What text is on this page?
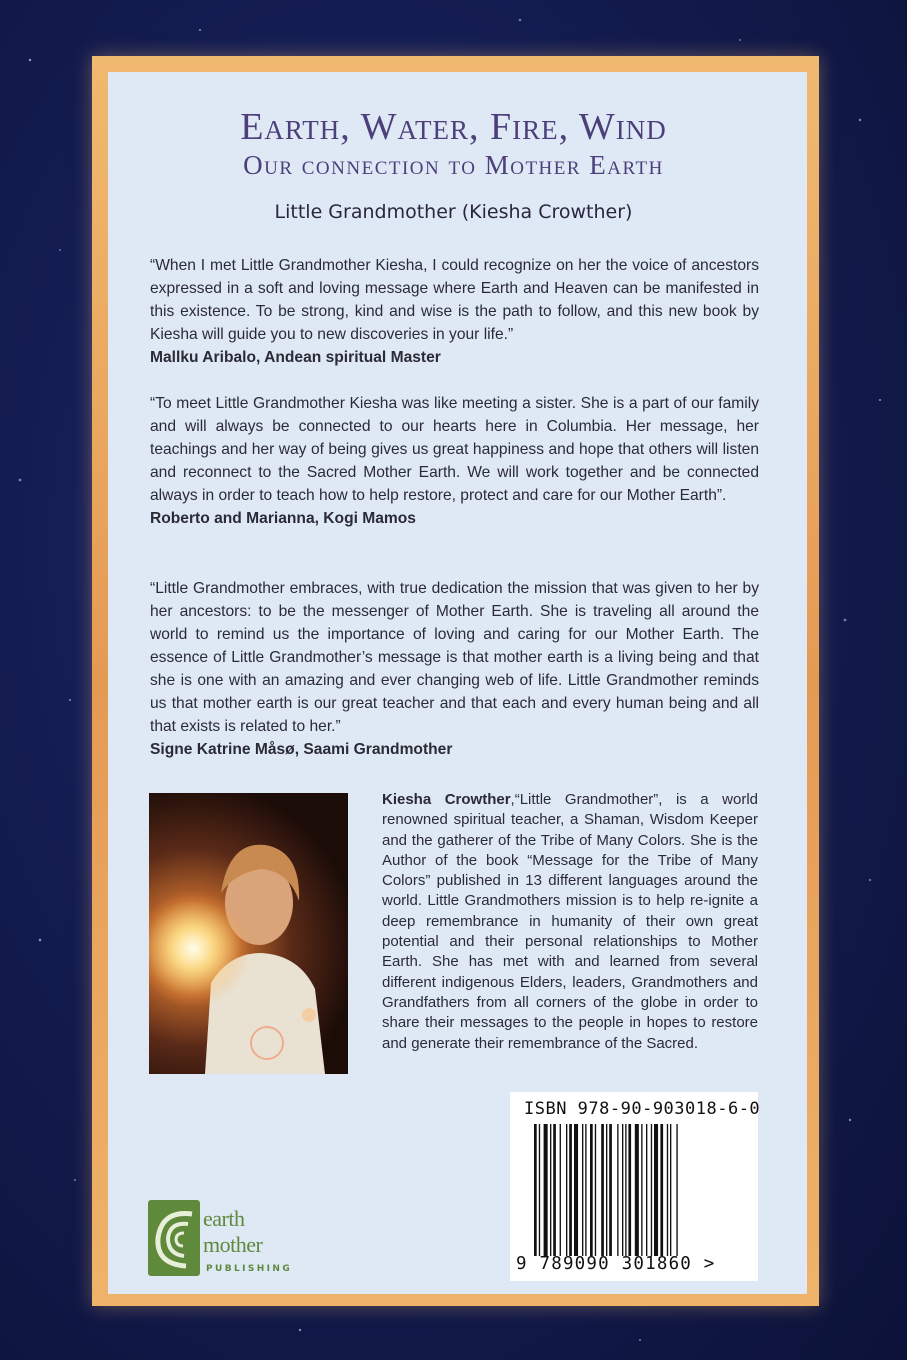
Earth, Water, Fire, Wind
Our connection to Mother Earth

Little Grandmother (Kiesha Crowther)

“When I met Little Grandmother Kiesha, I could recognize on her the voice of ancestors expressed in a soft and loving message where Earth and Heaven can be manifested in this existence. To be strong, kind and wise is the path to follow, and this new book by Kiesha will guide you to new discoveries in your life.”
Mallku Aribalo, Andean spiritual Master

“To meet Little Grandmother Kiesha was like meeting a sister. She is a part of our family and will always be connected to our hearts here in Columbia. Her message, her teachings and her way of being gives us great happiness and hope that others will listen and reconnect to the Sacred Mother Earth. We will work together and be connected always in order to teach how to help restore, protect and care for our Mother Earth”.
Roberto and Marianna, Kogi Mamos

“Little Grandmother embraces, with true dedication the mission that was given to her by her ancestors: to be the messenger of Mother Earth. She is traveling all around the world to remind us the importance of loving and caring for our Mother Earth. The essence of Little Grandmother’s message is that mother earth is a living being and that she is one with an amazing and ever changing web of life. Little Grandmother reminds us that mother earth is our great teacher and that each and every human being and all that exists is related to her.”
Signe Katrine Måsø, Saami Grandmother

Kiesha Crowther,“Little Grandmother”, is a world renowned spiritual teacher, a Shaman, Wisdom Keeper and the gatherer of the Tribe of Many Colors. She is the Author of the book “Message for the Tribe of Many Colors” published in 13 different languages around the world. Little Grandmothers mission is to help re-ignite a deep remembrance in humanity of their own great potential and their personal relationships to Mother Earth. She has met with and learned from several different indigenous Elders, leaders, Grandmothers and Grandfathers from all corners of the globe in order to share their messages to the people in hopes to restore and generate their remembrance of the Sacred.

ISBN 978-90-903018-6-0

9 789090 301860 >

earth

mother

PUBLISHING
